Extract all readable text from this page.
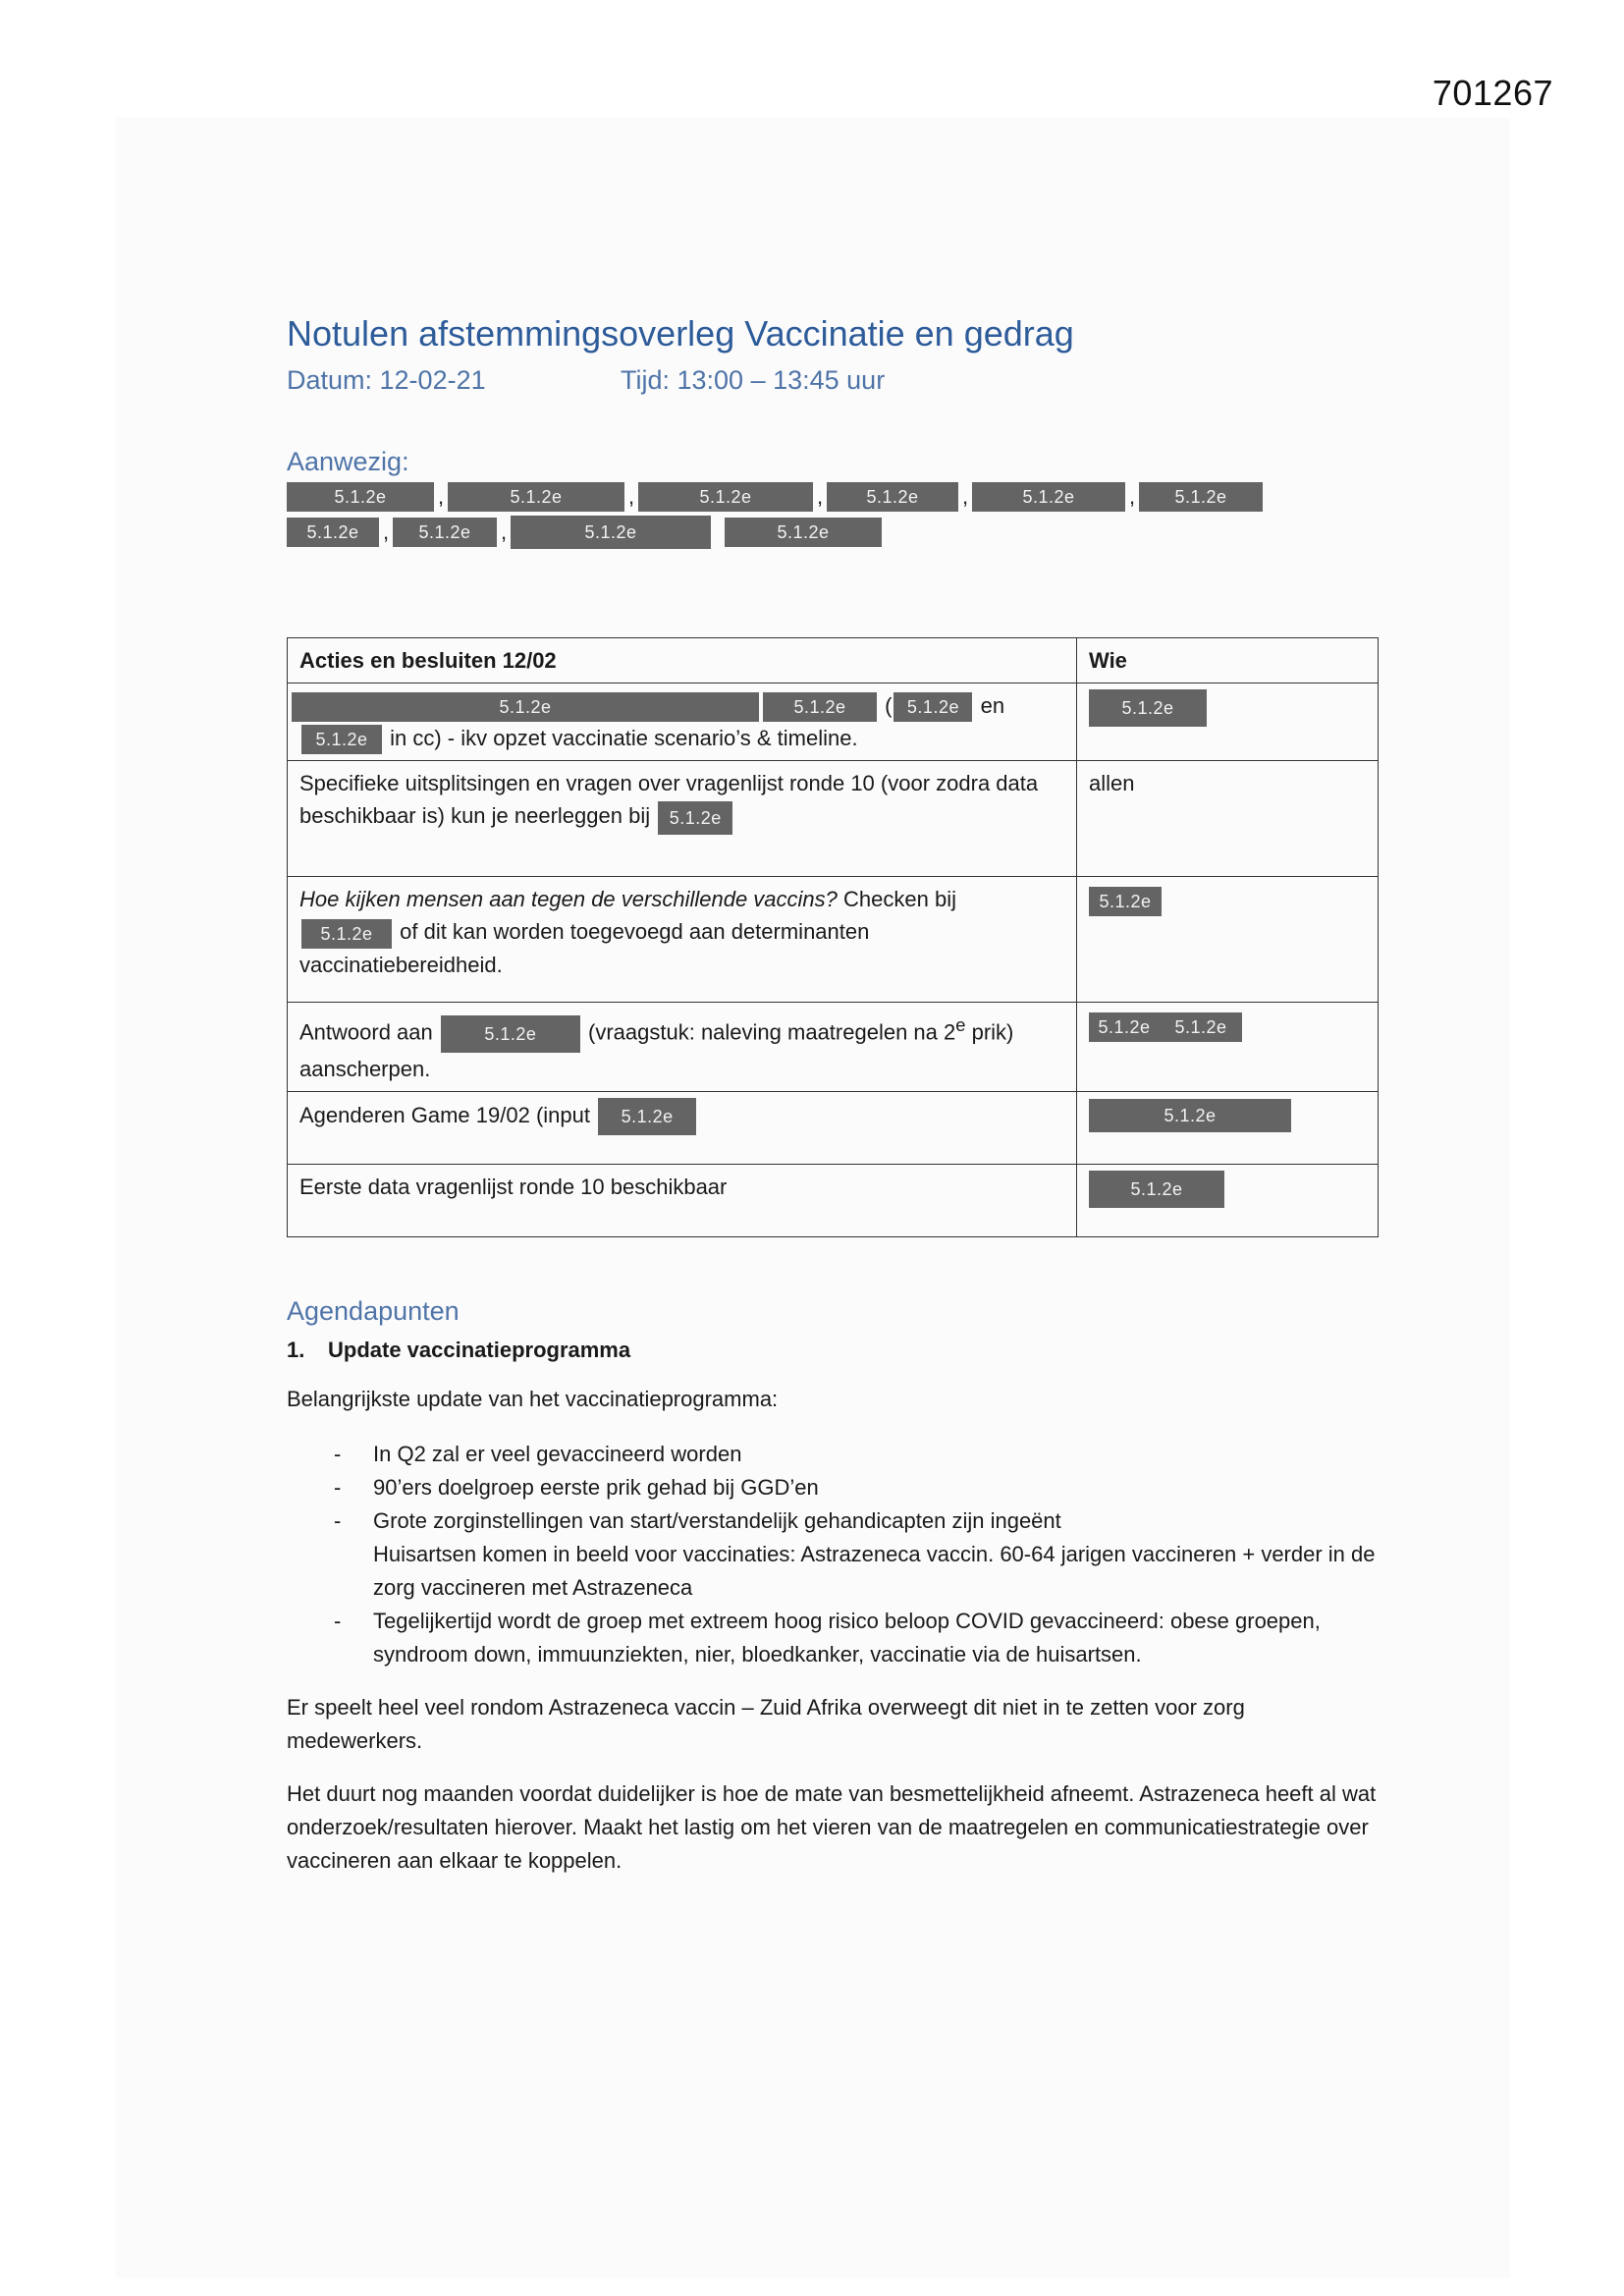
701267
Notulen afstemmingsoverleg Vaccinatie en gedrag
Datum: 12-02-21	Tijd: 13:00 – 13:45 uur
Aanwezig:
5.1.2e	,	5.1.2e	,	5.1.2e	,	5.1.2e	,	5.1.2e	,	5.1.2e
5.1.2e	,	5.1.2e	,	5.1.2e	5.1.2e
Acties en besluiten 12/02	Wie
5.1.2e 5.1.2e ( 5.1.2e en
5.1.2e in cc) - ikv opzet vaccinatie scenario’s & timeline.	5.1.2e
Specifieke uitsplitsingen en vragen over vragenlijst ronde 10 (voor zodra data beschikbaar is) kun je neerleggen bij 5.1.2e	allen
Hoe kijken mensen aan tegen de verschillende vaccins? Checken bij
5.1.2e of dit kan worden toegevoegd aan determinanten vaccinatiebereidheid.	5.1.2e
Antwoord aan 5.1.2e (vraagstuk: naleving maatregelen na 2e prik) aanscherpen.	5.1.2e 5.1.2e
Agenderen Game 19/02 (input 5.1.2e	5.1.2e
Eerste data vragenlijst ronde 10 beschikbaar	5.1.2e
Agendapunten
1.	Update vaccinatieprogramma

Belangrijkste update van het vaccinatieprogramma:

-	In Q2 zal er veel gevaccineerd worden
-	90’ers doelgroep eerste prik gehad bij GGD’en
-	Grote zorginstellingen van start/verstandelijk gehandicapten zijn ingeënt
Huisartsen komen in beeld voor vaccinaties: Astrazeneca vaccin. 60-64 jarigen vaccineren + verder in de zorg vaccineren met Astrazeneca
-	Tegelijkertijd wordt de groep met extreem hoog risico beloop COVID gevaccineerd: obese groepen, syndroom down, immuunziekten, nier, bloedkanker, vaccinatie via de huisartsen.

Er speelt heel veel rondom Astrazeneca vaccin – Zuid Afrika overweegt dit niet in te zetten voor zorg medewerkers.

Het duurt nog maanden voordat duidelijker is hoe de mate van besmettelijkheid afneemt. Astrazeneca heeft al wat onderzoek/resultaten hierover. Maakt het lastig om het vieren van de maatregelen en communicatiestrategie over vaccineren aan elkaar te koppelen.
